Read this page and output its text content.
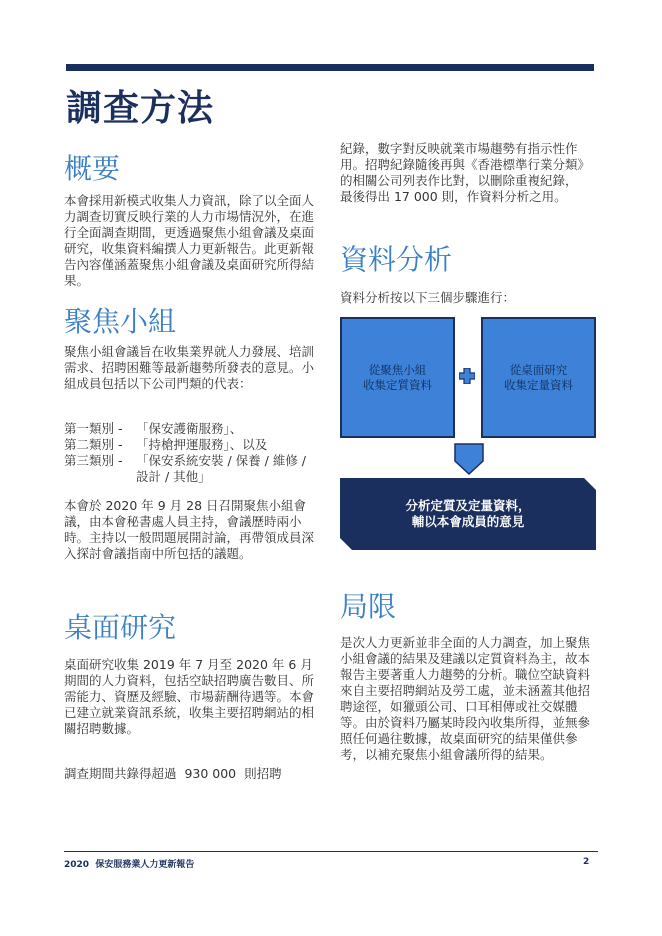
調查方法
概要

本會採用新模式收集人力資訊，除了以全面人力調查切實反映行業的人力市場情況外，在進行全面調查期間，更透過聚焦小組會議及桌面研究，收集資料編撰人力更新報告。此更新報告內容僅涵蓋聚焦小組會議及桌面研究所得結果。

聚焦小組

聚焦小組會議旨在收集業界就人力發展、培訓需求、招聘困難等最新趨勢所發表的意見。小組成員包括以下公司門類的代表：

第一類別 - 「保安護衛服務」、
第二類別 - 「持槍押運服務」、以及
第三類別 - 「保安系統安裝 / 保養 / 維修 / 設計 / 其他」

本會於 2020 年 9 月 28 日召開聚焦小組會議，由本會秘書處人員主持，會議歷時兩小時。主持以一般問題展開討論，再帶領成員深入探討會議指南中所包括的議題。

桌面研究

桌面研究收集 2019 年 7 月至 2020 年 6 月期間的人力資料，包括空缺招聘廣告數目、所需能力、資歷及經驗、市場薪酬待遇等。本會已建立就業資訊系統，收集主要招聘網站的相關招聘數據。

調查期間共錄得超過  930 000  則招聘

紀錄，數字對反映就業市場趨勢有指示性作用。招聘紀錄隨後再與《香港標準行業分類》的相關公司列表作比對，以刪除重複紀錄，最後得出 17 000 則，作資料分析之用。

資料分析

資料分析按以下三個步驟進行：

從聚焦小組
收集定質資料
從桌面研究
收集定量資料
分析定質及定量資料，
輔以本會成員的意見
局限

是次人力更新並非全面的人力調查，加上聚焦小組會議的結果及建議以定質資料為主，故本報告主要著重人力趨勢的分析。職位空缺資料來自主要招聘網站及勞工處，並未涵蓋其他招聘途徑，如獵頭公司、口耳相傳或社交媒體等。由於資料乃屬某時段內收集所得，並無參照任何過往數據，故桌面研究的結果僅供參考，以補充聚焦小組會議所得的結果。

2020  保安服務業人力更新報告	2
